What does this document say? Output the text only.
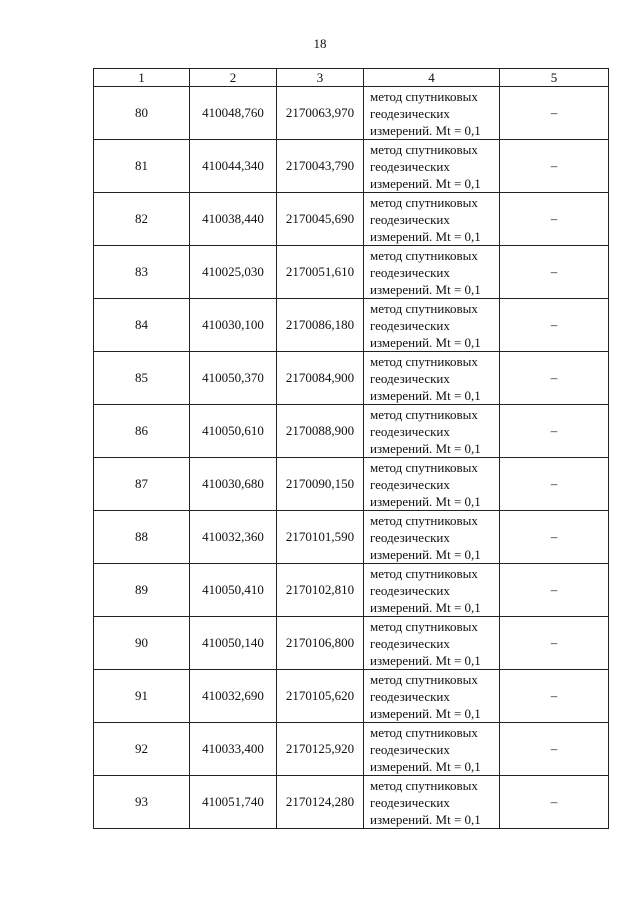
18
1	2	3	4	5
80	410048,760	2170063,970	метод спутниковых
геодезических
измерений. Mt = 0,1	–
81	410044,340	2170043,790	метод спутниковых
геодезических
измерений. Mt = 0,1	–
82	410038,440	2170045,690	метод спутниковых
геодезических
измерений. Mt = 0,1	–
83	410025,030	2170051,610	метод спутниковых
геодезических
измерений. Mt = 0,1	–
84	410030,100	2170086,180	метод спутниковых
геодезических
измерений. Mt = 0,1	–
85	410050,370	2170084,900	метод спутниковых
геодезических
измерений. Mt = 0,1	–
86	410050,610	2170088,900	метод спутниковых
геодезических
измерений. Mt = 0,1	–
87	410030,680	2170090,150	метод спутниковых
геодезических
измерений. Mt = 0,1	–
88	410032,360	2170101,590	метод спутниковых
геодезических
измерений. Mt = 0,1	–
89	410050,410	2170102,810	метод спутниковых
геодезических
измерений. Mt = 0,1	–
90	410050,140	2170106,800	метод спутниковых
геодезических
измерений. Mt = 0,1	–
91	410032,690	2170105,620	метод спутниковых
геодезических
измерений. Mt = 0,1	–
92	410033,400	2170125,920	метод спутниковых
геодезических
измерений. Mt = 0,1	–
93	410051,740	2170124,280	метод спутниковых
геодезических
измерений. Mt = 0,1	–
